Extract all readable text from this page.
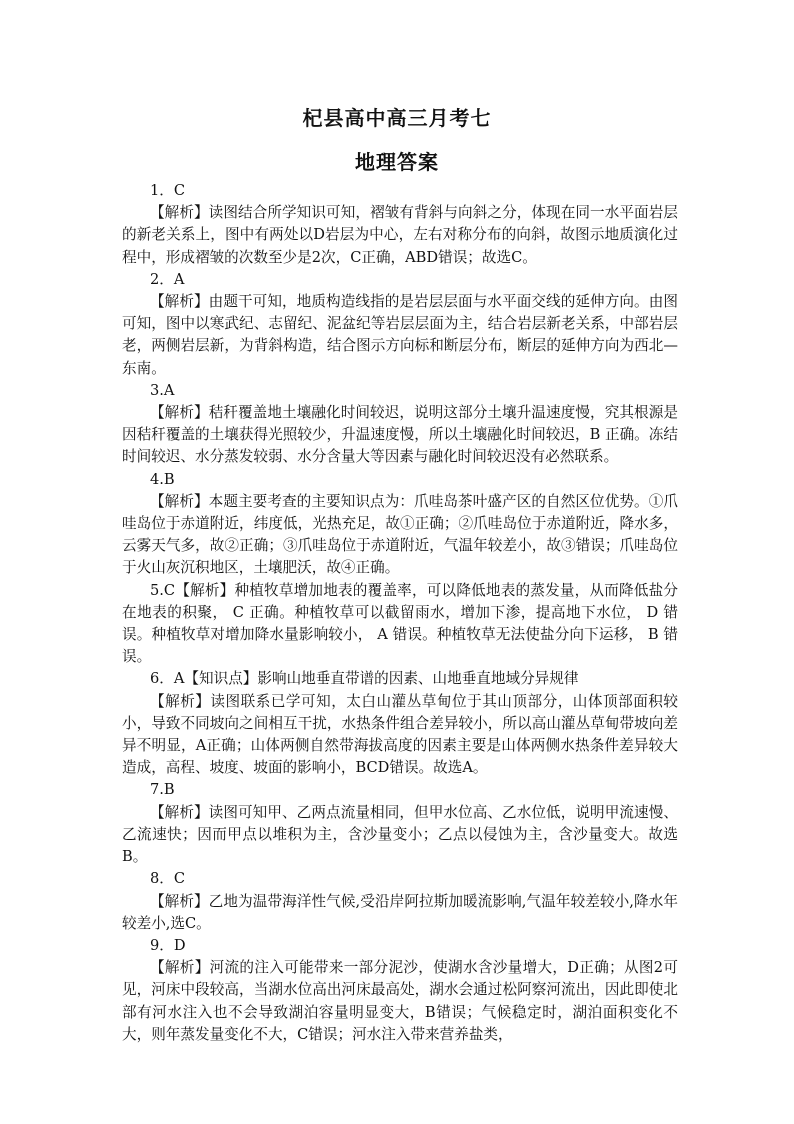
杞县高中高三月考七
地理答案

1．C

【解析】读图结合所学知识可知，褶皱有背斜与向斜之分，体现在同一水平面岩层的新老关系上，图中有两处以D岩层为中心，左右对称分布的向斜，故图示地质演化过程中，形成褶皱的次数至少是2次，C正确，ABD错误；故选C。

2．A

【解析】由题干可知，地质构造线指的是岩层层面与水平面交线的延伸方向。由图可知，图中以寒武纪、志留纪、泥盆纪等岩层层面为主，结合岩层新老关系，中部岩层老，两侧岩层新，为背斜构造，结合图示方向标和断层分布，断层的延伸方向为西北—东南。

3.A

【解析】秸秆覆盖地土壤融化时间较迟，说明这部分土壤升温速度慢，究其根源是因秸秆覆盖的土壤获得光照较少，升温速度慢，所以土壤融化时间较迟，B 正确。冻结时间较迟、水分蒸发较弱、水分含量大等因素与融化时间较迟没有必然联系。

4.B

【解析】本题主要考查的主要知识点为：爪哇岛茶叶盛产区的自然区位优势。①爪哇岛位于赤道附近，纬度低，光热充足，故①正确；②爪哇岛位于赤道附近，降水多，云雾天气多，故②正确；③爪哇岛位于赤道附近，气温年较差小，故③错误；爪哇岛位于火山灰沉积地区，土壤肥沃，故④正确。

5.C【解析】种植牧草增加地表的覆盖率，可以降低地表的蒸发量，从而降低盐分在地表的积聚， C 正确。种植牧草可以截留雨水，增加下渗，提高地下水位， D 错误。种植牧草对增加降水量影响较小， A 错误。种植牧草无法使盐分向下运移， B 错误。

6．A【知识点】影响山地垂直带谱的因素、山地垂直地域分异规律

【解析】读图联系已学可知，太白山灌丛草甸位于其山顶部分，山体顶部面积较小，导致不同坡向之间相互干扰，水热条件组合差异较小，所以高山灌丛草甸带坡向差异不明显，A正确；山体两侧自然带海拔高度的因素主要是山体两侧水热条件差异较大造成，高程、坡度、坡面的影响小，BCD错误。故选A。

7.B

【解析】读图可知甲、乙两点流量相同，但甲水位高、乙水位低，说明甲流速慢、乙流速快；因而甲点以堆积为主，含沙量变小；乙点以侵蚀为主，含沙量变大。故选 B。

8．C

【解析】乙地为温带海洋性气候,受沿岸阿拉斯加暖流影响,气温年较差较小,降水年较差小,选C。

9．D

【解析】河流的注入可能带来一部分泥沙，使湖水含沙量增大，D正确；从图2可见，河床中段较高，当湖水位高出河床最高处，湖水会通过松阿察河流出，因此即使北部有河水注入也不会导致湖泊容量明显变大，B错误；气候稳定时，湖泊面积变化不大，则年蒸发量变化不大，C错误；河水注入带来营养盐类，
